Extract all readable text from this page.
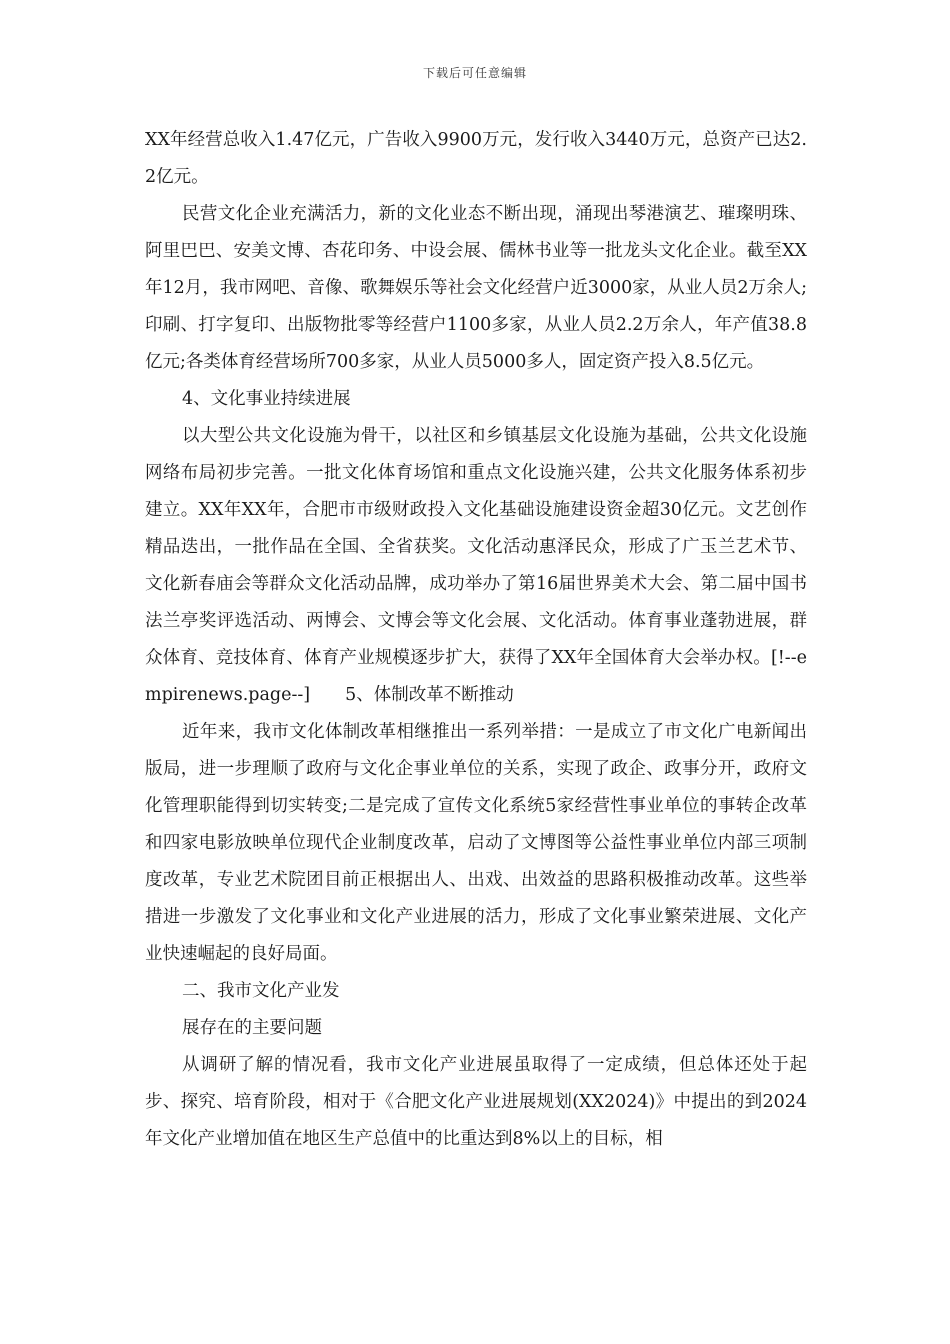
下载后可任意编辑

XX年经营总收入1.47亿元，广告收入9900万元，发行收入3440万元，总资产已达2.2亿元。

民营文化企业充满活力，新的文化业态不断出现，涌现出琴港演艺、璀璨明珠、阿里巴巴、安美文博、杏花印务、中设会展、儒林书业等一批龙头文化企业。截至XX年12月，我市网吧、音像、歌舞娱乐等社会文化经营户近3000家，从业人员2万余人;印刷、打字复印、出版物批零等经营户1100多家，从业人员2.2万余人，年产值38.8亿元;各类体育经营场所700多家，从业人员5000多人，固定资产投入8.5亿元。

4、文化事业持续进展

以大型公共文化设施为骨干，以社区和乡镇基层文化设施为基础，公共文化设施网络布局初步完善。一批文化体育场馆和重点文化设施兴建，公共文化服务体系初步建立。XX年XX年，合肥市市级财政投入文化基础设施建设资金超30亿元。文艺创作精品迭出，一批作品在全国、全省获奖。文化活动惠泽民众，形成了广玉兰艺术节、文化新春庙会等群众文化活动品牌，成功举办了第16届世界美术大会、第二届中国书法兰亭奖评选活动、两博会、文博会等文化会展、文化活动。体育事业蓬勃进展，群众体育、竞技体育、体育产业规模逐步扩大，获得了XX年全国体育大会举办权。[!--empirenews.page--]　　5、体制改革不断推动

近年来，我市文化体制改革相继推出一系列举措：一是成立了市文化广电新闻出版局，进一步理顺了政府与文化企事业单位的关系，实现了政企、政事分开，政府文化管理职能得到切实转变;二是完成了宣传文化系统5家经营性事业单位的事转企改革和四家电影放映单位现代企业制度改革，启动了文博图等公益性事业单位内部三项制度改革，专业艺术院团目前正根据出人、出戏、出效益的思路积极推动改革。这些举措进一步激发了文化事业和文化产业进展的活力，形成了文化事业繁荣进展、文化产业快速崛起的良好局面。

二、我市文化产业发

展存在的主要问题

从调研了解的情况看，我市文化产业进展虽取得了一定成绩，但总体还处于起步、探究、培育阶段，相对于《合肥文化产业进展规划(XX2024)》中提出的到2024年文化产业增加值在地区生产总值中的比重达到8%以上的目标，相
